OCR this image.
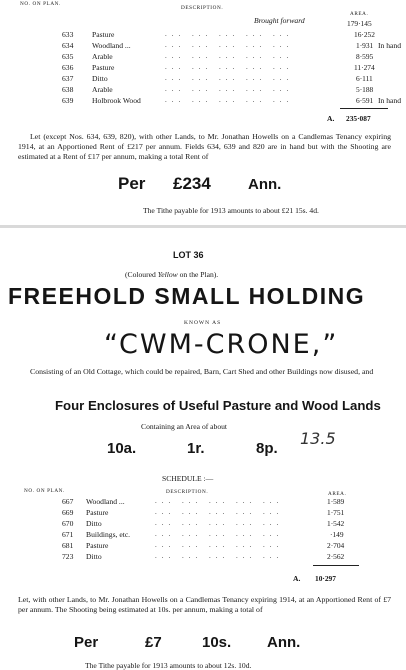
NO. ON PLAN.
DESCRIPTION.
AREA.
Brought forward	179·145
633 Pasture	... ... ... ... ...	16·252
634 Woodland ...	... ... ... ... ...	1·931 In hand
635 Arable	... ... ... ... ...	8·595
636 Pasture	... ... ... ... ...	11·274
637 Ditto	... ... ... ... ...	6·111
638 Arable	... ... ... ... ...	5·188
639 Holbrook Wood	... ... ... ... ...	6·591 In hand
A. 235·087
Let (except Nos. 634, 639, 820), with other Lands, to Mr. Jonathan Howells on a Candlemas Tenancy expiring 1914, at an Apportioned Rent of £217 per annum. Fields 634, 639 and 820 are in hand but with the Shooting are estimated at a Rent of £17 per annum, making a total Rent of
Per £234 Ann.
The Tithe payable for 1913 amounts to about £21 15s. 4d.
LOT 36
(Coloured Yellow on the Plan).
FREEHOLD SMALL HOLDING
KNOWN AS
“CWM-CRONE,”
Consisting of an Old Cottage, which could be repaired, Barn, Cart Shed and other Buildings now disused, and
Four Enclosures of Useful Pasture and Wood Lands
Containing an Area of about
10a.	1r.	8p.
13.5
SCHEDULE :—
NO. ON PLAN.	DESCRIPTION.	AREA.
667 Woodland ...	... ... ... ... ...	1·589
669 Pasture	... ... ... ... ...	1·751
670 Ditto	... ... ... ... ...	1·542
671 Buildings, etc.	... ... ... ... ...	·149
681 Pasture	... ... ... ... ...	2·704
723 Ditto	... ... ... ... ...	2·562
A. 10·297
Let, with other Lands, to Mr. Jonathan Howells on a Candlemas Tenancy expiring 1914, at an Apportioned Rent of £7 per annum. The Shooting being estimated at 10s. per annum, making a total of
Per	£7	10s. Ann.
The Tithe payable for 1913 amounts to about 12s. 10d.
